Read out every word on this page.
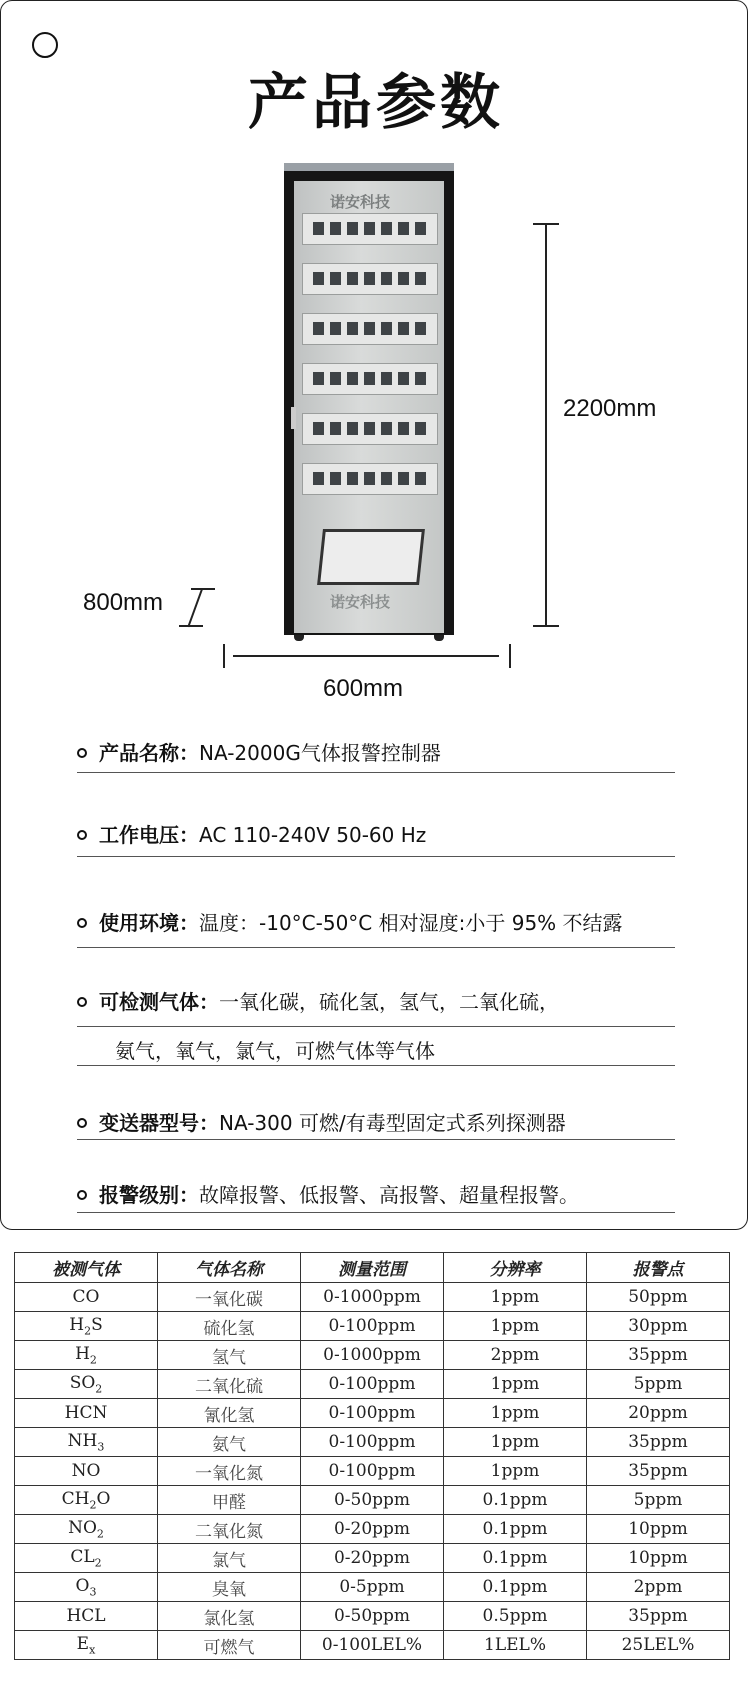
产品参数
诺安科技
诺安科技
2200mm
600mm
800mm
产品名称：NA-2000G气体报警控制器
工作电压：AC 110-240V 50-60 Hz
使用环境：温度：-10°C-50°C 相对湿度:小于 95% 不结露
可检测气体：一氧化碳，硫化氢，氢气，二氧化硫，
氨气，氧气，氯气，可燃气体等气体
变送器型号：NA-300 可燃/有毒型固定式系列探测器
报警级别：故障报警、低报警、高报警、超量程报警。
被测气体	气体名称	测量范围	分辨率	报警点
CO	一氧化碳	0-1000ppm	1ppm	50ppm
$H_2S$	硫化氢	0-100ppm	1ppm	30ppm
$H_2$	氢气	0-1000ppm	2ppm	35ppm
$SO_2$	二氧化硫	0-100ppm	1ppm	5ppm
HCN	氰化氢	0-100ppm	1ppm	20ppm
$NH_3$	氨气	0-100ppm	1ppm	35ppm
NO	一氧化氮	0-100ppm	1ppm	35ppm
$CH_2O$	甲醛	0-50ppm	0.1ppm	5ppm
$NO_2$	二氧化氮	0-20ppm	0.1ppm	10ppm
$CL_2$	氯气	0-20ppm	0.1ppm	10ppm
$O_3$	臭氧	0-5ppm	0.1ppm	2ppm
HCL	氯化氢	0-50ppm	0.5ppm	35ppm
$E_x$	可燃气	0-100LEL%	1LEL%	25LEL%
